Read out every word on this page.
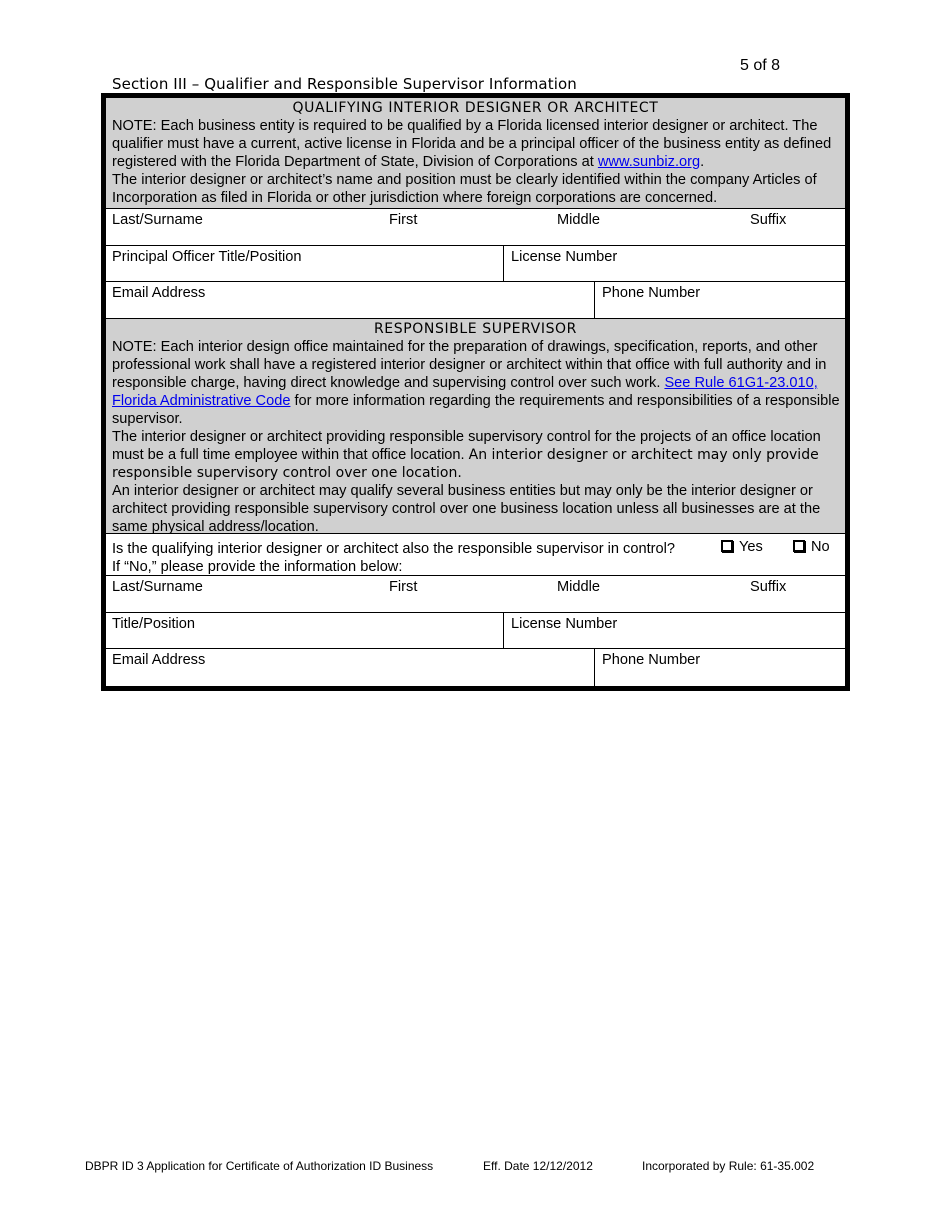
5 of 8
Section III – Qualifier and Responsible Supervisor Information
QUALIFYING INTERIOR DESIGNER OR ARCHITECT
NOTE: Each business entity is required to be qualified by a Florida licensed interior designer or architect. The qualifier must have a current, active license in Florida and be a principal officer of the business entity as defined registered with the Florida Department of State, Division of Corporations at www.sunbiz.org.
The interior designer or architect’s name and position must be clearly identified within the company Articles of Incorporation as filed in Florida or other jurisdiction where foreign corporations are concerned.
Last/Surname	First	Middle	Suffix
Principal Officer Title/Position	License Number
Email Address	Phone Number
RESPONSIBLE SUPERVISOR
NOTE: Each interior design office maintained for the preparation of drawings, specification, reports, and other professional work shall have a registered interior designer or architect within that office with full authority and in responsible charge, having direct knowledge and supervising control over such work. See Rule 61G1-23.010, Florida Administrative Code for more information regarding the requirements and responsibilities of a responsible supervisor.
The interior designer or architect providing responsible supervisory control for the projects of an office location must be a full time employee within that office location. An interior designer or architect may only provide responsible supervisory control over one location.
An interior designer or architect may qualify several business entities but may only be the interior designer or architect providing responsible supervisory control over one business location unless all businesses are at the same physical address/location.
Is the qualifying interior designer or architect also the responsible supervisor in control?	Yes	No
If “No,” please provide the information below:
Last/Surname	First	Middle	Suffix
Title/Position	License Number
Email Address	Phone Number
DBPR ID 3 Application for Certificate of Authorization ID Business	Eff. Date 12/12/2012	Incorporated by Rule: 61-35.002
